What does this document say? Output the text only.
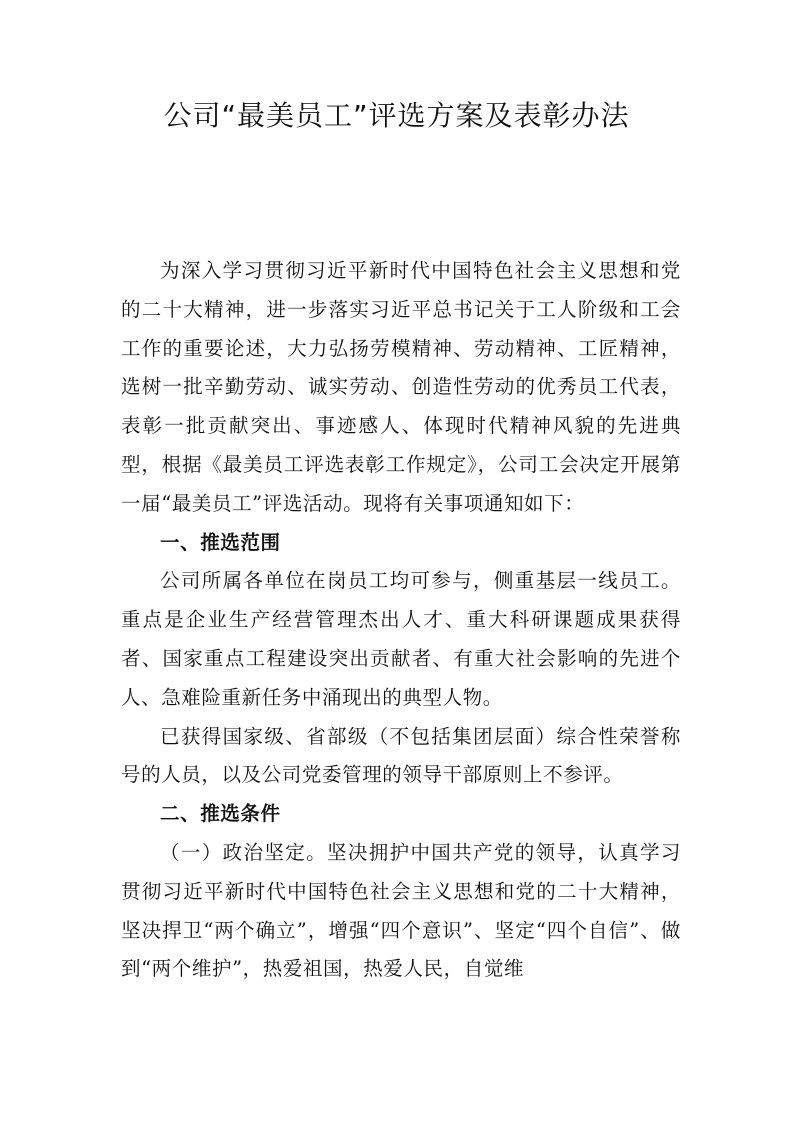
公司“最美员工”评选方案及表彰办法

为深入学习贯彻习近平新时代中国特色社会主义思想和党的二十大精神，进一步落实习近平总书记关于工人阶级和工会工作的重要论述，大力弘扬劳模精神、劳动精神、工匠精神，选树一批辛勤劳动、诚实劳动、创造性劳动的优秀员工代表，表彰一批贡献突出、事迹感人、体现时代精神风貌的先进典型，根据《最美员工评选表彰工作规定》，公司工会决定开展第一届“最美员工”评选活动。现将有关事项通知如下：

一、推选范围

公司所属各单位在岗员工均可参与，侧重基层一线员工。重点是企业生产经营管理杰出人才、重大科研课题成果获得者、国家重点工程建设突出贡献者、有重大社会影响的先进个人、急难险重新任务中涌现出的典型人物。

已获得国家级、省部级（不包括集团层面）综合性荣誉称号的人员，以及公司党委管理的领导干部原则上不参评。

二、推选条件

（一）政治坚定。坚决拥护中国共产党的领导，认真学习贯彻习近平新时代中国特色社会主义思想和党的二十大精神，坚决捍卫“两个确立”，增强“四个意识”、坚定“四个自信”、做到“两个维护”，热爱祖国，热爱人民，自觉维
